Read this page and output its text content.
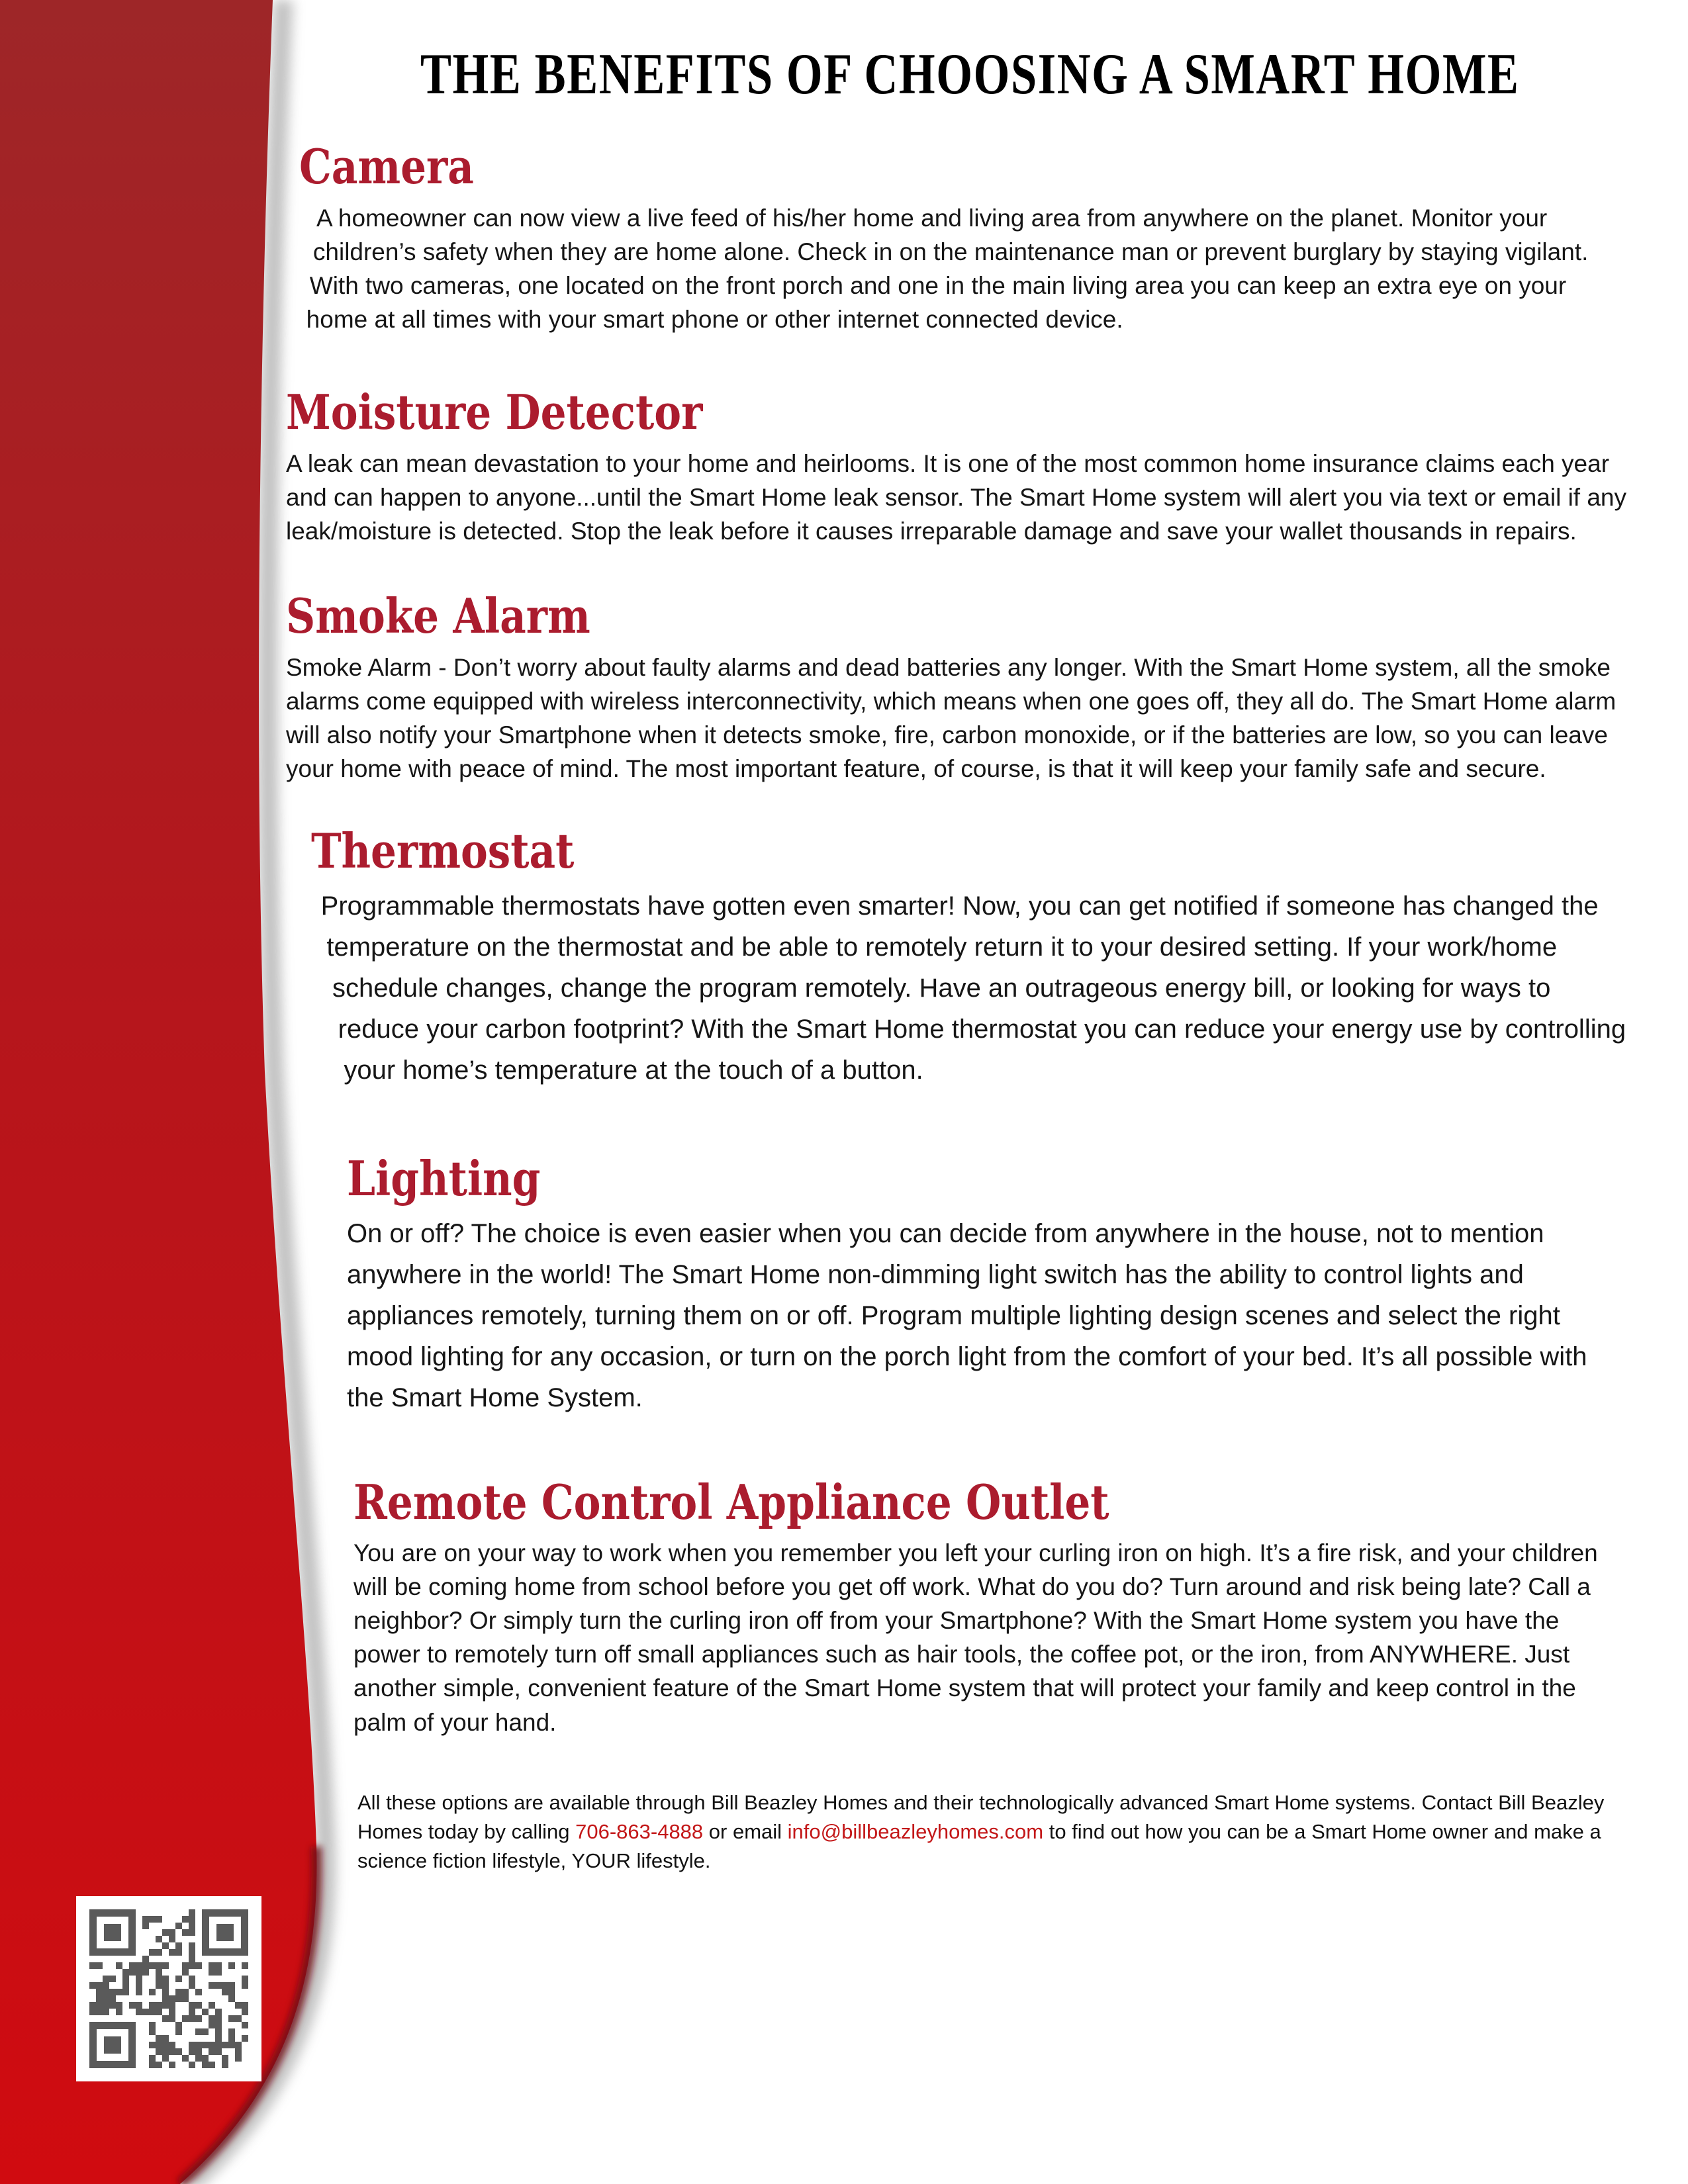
THE BENEFITS OF CHOOSING A SMART HOME
Camera

A homeowner can now view a live feed of his/her home and living area from anywhere on the planet. Monitor your children’s safety when they are home alone. Check in on the maintenance man or prevent burglary by staying vigilant. With two cameras, one located on the front porch and one in the main living area you can keep an extra eye on your home at all times with your smart phone or other internet connected device.

Moisture Detector

A leak can mean devastation to your home and heirlooms. It is one of the most common home insurance claims each year and can happen to anyone...until the Smart Home leak sensor. The Smart Home system will alert you via text or email if any leak/moisture is detected. Stop the leak before it causes irreparable damage and save your wallet thousands in repairs.

Smoke Alarm

Smoke Alarm - Don’t worry about faulty alarms and dead batteries any longer. With the Smart Home system, all the smoke alarms come equipped with wireless interconnectivity, which means when one goes off, they all do. The Smart Home alarm will also notify your Smartphone when it detects smoke, fire, carbon monoxide, or if the batteries are low, so you can leave your home with peace of mind. The most important feature, of course, is that it will keep your family safe and secure.

Thermostat

Programmable thermostats have gotten even smarter! Now, you can get notified if someone has changed the temperature on the thermostat and be able to remotely return it to your desired setting. If your work/home schedule changes, change the program remotely. Have an outrageous energy bill, or looking for ways to reduce your carbon footprint? With the Smart Home thermostat you can reduce your energy use by controlling your home’s temperature at the touch of a button.

Lighting

On or off? The choice is even easier when you can decide from anywhere in the house, not to mention anywhere in the world! The Smart Home non-dimming light switch has the ability to control lights and appliances remotely, turning them on or off. Program multiple lighting design scenes and select the right mood lighting for any occasion, or turn on the porch light from the comfort of your bed. It’s all possible with the Smart Home System.

Remote Control Appliance Outlet

You are on your way to work when you remember you left your curling iron on high. It’s a fire risk, and your children will be coming home from school before you get off work. What do you do? Turn around and risk being late? Call a neighbor? Or simply turn the curling iron off from your Smartphone? With the Smart Home system you have the power to remotely turn off small appliances such as hair tools, the coffee pot, or the iron, from ANYWHERE. Just another simple, convenient feature of the Smart Home system that will protect your family and keep control in the palm of your hand.

All these options are available through Bill Beazley Homes and their technologically advanced Smart Home systems. Contact Bill Beazley Homes today by calling 706-863-4888 or email info@billbeazleyhomes.com to find out how you can be a Smart Home owner and make a science fiction lifestyle, YOUR lifestyle.
